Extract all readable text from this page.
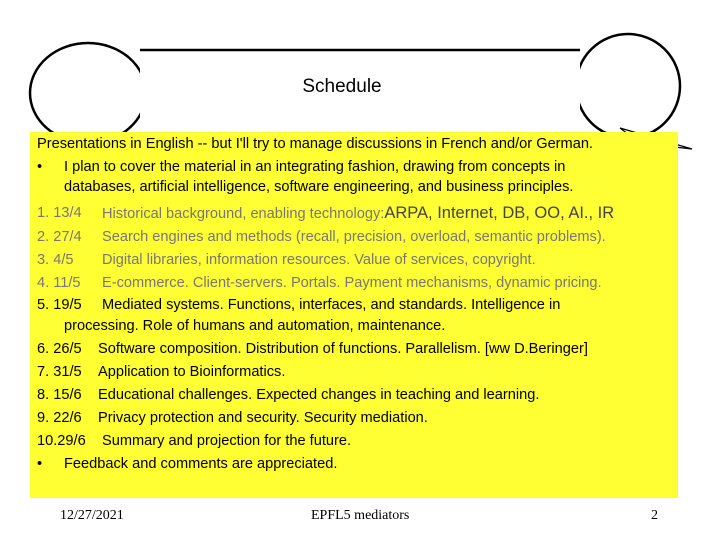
Schedule
Presentations in English -- but I'll try to manage discussions in French and/or German.
• I plan to cover the material in an integrating fashion, drawing from concepts in
databases, artificial intelligence, software engineering, and business principles.
1. 13/4 Historical background, enabling technology:ARPA, Internet, DB, OO, AI., IR
2. 27/4 Search engines and methods (recall, precision, overload, semantic problems).
3. 4/5 Digital libraries, information resources. Value of services, copyright.
4. 11/5 E-commerce. Client-servers. Portals. Payment mechanisms, dynamic pricing.
5. 19/5 Mediated systems. Functions, interfaces, and standards. Intelligence in
processing. Role of humans and automation, maintenance.
6. 26/5 Software composition. Distribution of functions. Parallelism. [ww D.Beringer]
7. 31/5 Application to Bioinformatics.
8. 15/6 Educational challenges. Expected changes in teaching and learning.
9. 22/6 Privacy protection and security. Security mediation.
10.29/6 Summary and projection for the future.
• Feedback and comments are appreciated.
12/27/2021	EPFL5 mediators	2
